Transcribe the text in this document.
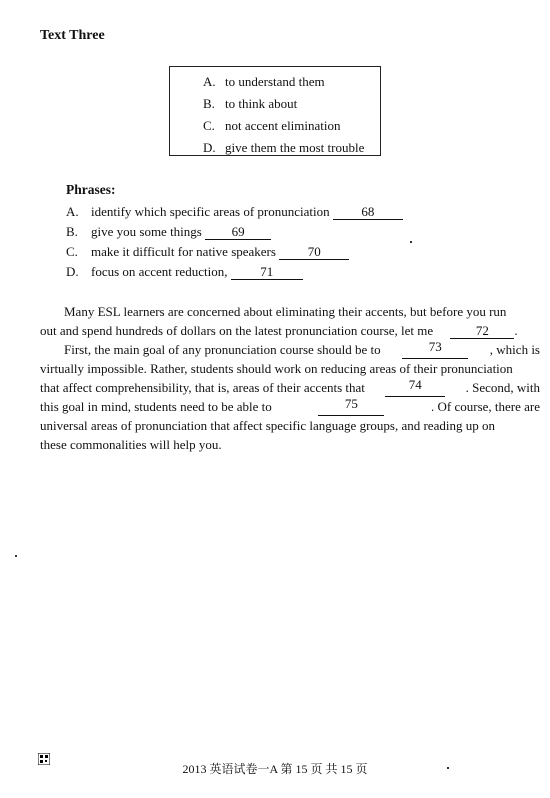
Text Three
A. to understand them
B. to think about
C. not accent elimination
D. give them the most trouble
Phrases:
A. identify which specific areas of pronunciation 68
B. give you some things 69
C. make it difficult for native speakers 70
D. focus on accent reduction,	71
Many ESL learners are concerned about eliminating their accents, but before you run
out and spend hundreds of dollars on the latest pronunciation course, let me	72 .
First, the main goal of any pronunciation course should be to	73	, which is
virtually impossible. Rather, students should work on reducing areas of their pronunciation
that affect comprehensibility, that is, areas of their accents that	74	. Second, with
this goal in mind, students need to be able to	75	. Of course, there are
universal areas of pronunciation that affect specific language groups, and reading up on
these commonalities will help you.
2013 英语试卷一A 第 15 页 共 15 页
